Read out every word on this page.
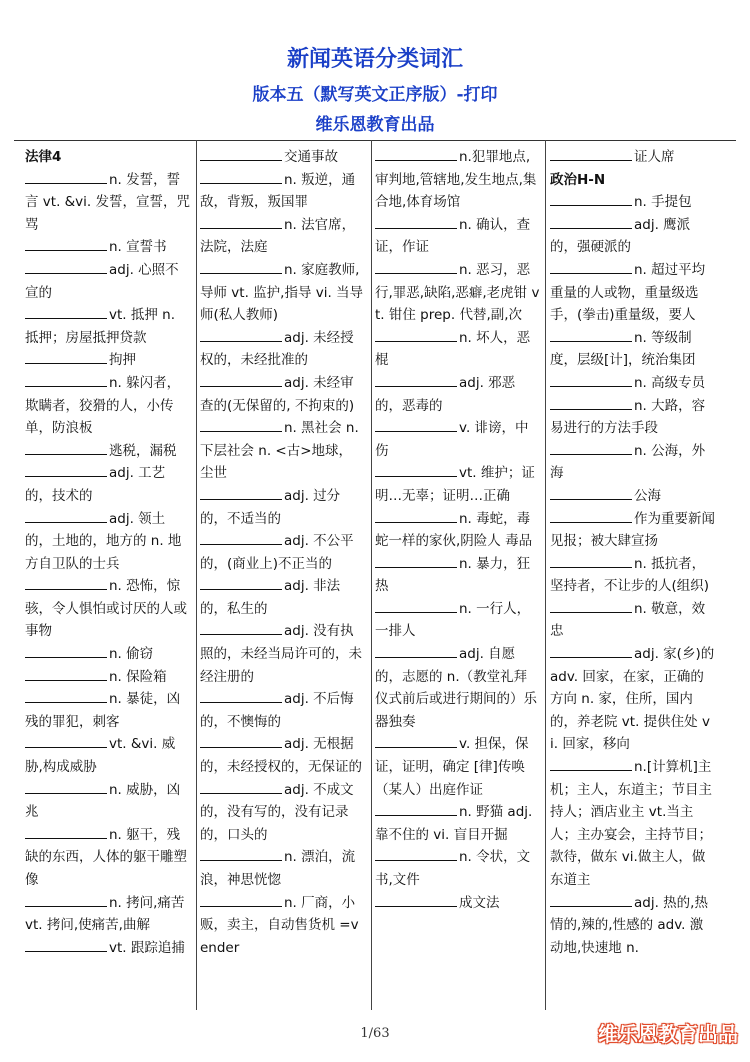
新闻英语分类词汇
版本五（默写英文正序版）-打印
维乐恩教育出品
法律4
n. 发誓，誓言 vt. &vi. 发誓，宣誓，咒骂
n. 宣誓书
adj. 心照不宣的
vt. 抵押 n. 抵押；房屋抵押贷款
拘押
n. 躲闪者，欺瞒者，狡猾的人，小传单，防浪板
逃税，漏税
adj. 工艺的，技术的
adj. 领土的，土地的，地方的 n. 地方自卫队的士兵
n. 恐怖，惊骇，令人惧怕或讨厌的人或事物
n. 偷窃
n. 保险箱
n. 暴徒，凶残的罪犯，刺客
vt. &vi. 威胁,构成威胁
n. 威胁，凶兆
n. 躯干，残缺的东西，人体的躯干雕塑像
n. 拷问,痛苦 vt. 拷问,使痛苦,曲解
vt. 跟踪追捕
交通事故
n. 叛逆，通敌，背叛，叛国罪
n. 法官席，法院，法庭
n. 家庭教师,导师 vt. 监护,指导 vi. 当导师(私人教师)
adj. 未经授权的，未经批准的
adj. 未经审查的(无保留的, 不拘束的)
n. 黑社会 n. 下层社会 n. <古>地球，尘世
adj. 过分的，不适当的
adj. 不公平的，(商业上)不正当的
adj. 非法的，私生的
adj. 没有执照的，未经当局许可的，未经注册的
adj. 不后悔的，不懊悔的
adj. 无根据的，未经授权的，无保证的
adj. 不成文的，没有写的，没有记录的，口头的
n. 漂泊，流浪，神思恍惚
n. 厂商，小贩，卖主，自动售货机 =vender
n.犯罪地点,审判地,管辖地,发生地点,集合地,体育场馆
n. 确认，查证，作证
n. 恶习，恶行,罪恶,缺陷,恶癖,老虎钳 vt. 钳住 prep. 代替,副,次
n. 坏人，恶棍
adj. 邪恶的，恶毒的
v. 诽谤，中伤
vt. 维护；证明…无辜；证明…正确
n. 毒蛇，毒蛇一样的家伙,阴险人 毒品
n. 暴力，狂热
n. 一行人，一排人
adj. 自愿的，志愿的 n.（教堂礼拜仪式前后或进行期间的）乐器独奏
v. 担保，保证，证明，确定 [律]传唤（某人）出庭作证
n. 野猫 adj. 靠不住的 vi. 盲目开掘
n. 令状，文书,文件
成文法
证人席
政治H-N
n. 手提包
adj. 鹰派的，强硬派的
n. 超过平均重量的人或物，重量级选手，(拳击)重量级，要人
n. 等级制度，层级[计]，统治集团
n. 高级专员
n. 大路，容易进行的方法手段
n. 公海，外海
公海
作为重要新闻见报；被大肆宣扬
n. 抵抗者，坚持者，不让步的人(组织)
n. 敬意，效忠
adj. 家(乡)的 adv. 回家，在家，正确的方向 n. 家，住所，国内的，养老院 vt. 提供住处 vi. 回家，移向
n.[计算机]主机；主人，东道主；节目主持人；酒店业主 vt.当主人；主办宴会，主持节目；款待，做东 vi.做主人，做东道主
adj. 热的,热情的,辣的,性感的 adv. 激动地,快速地 n.
1/63	维乐恩教育出品
